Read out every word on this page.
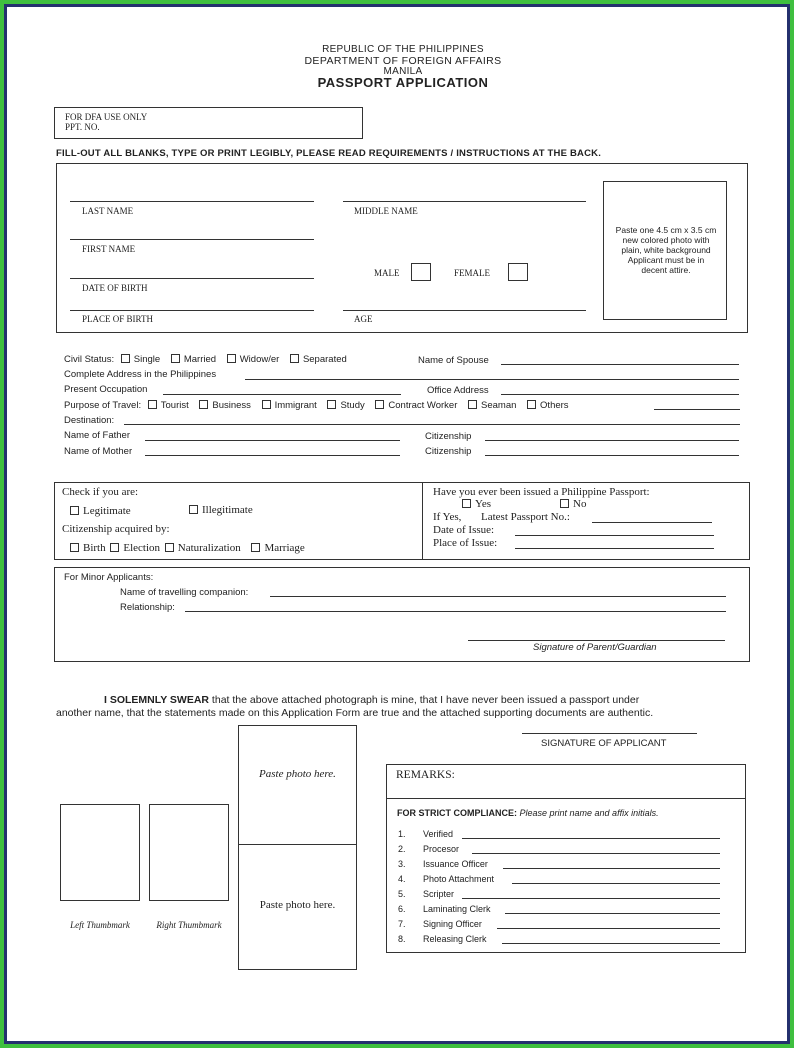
REPUBLIC OF THE PHILIPPINES
DEPARTMENT OF FOREIGN AFFAIRS
MANILA
PASSPORT APPLICATION
FOR DFA USE ONLY
PPT. NO.
FILL-OUT ALL BLANKS, TYPE OR PRINT LEGIBLY, PLEASE READ REQUIREMENTS / INSTRUCTIONS AT THE BACK.
LAST NAME	MIDDLE NAME
FIRST NAME
MALE	FEMALE
DATE OF BIRTH
PLACE OF BIRTH	AGE
Paste one 4.5 cm x 3.5 cm new colored photo with plain, white background Applicant must be in decent attire.
Civil Status: Single Married Widow/er Separated	Name of Spouse
Complete Address in the Philippines
Present Occupation	Office Address
Purpose of Travel: Tourist Business Immigrant Study Contract Worker Seaman Others
Destination:
Name of Father	Citizenship
Name of Mother	Citizenship
Check if you are:
Legitimate	Illegitimate
Citizenship acquired by:
Birth Election Naturalization Marriage
Have you ever been issued a Philippine Passport:
Yes	No
If Yes, Latest Passport No.:
Date of Issue:
Place of Issue:
For Minor Applicants:
Name of travelling companion:
Relationship:
Signature of Parent/Guardian
I SOLEMNLY SWEAR that the above attached photograph is mine, that I have never been issued a passport under
another name, that the statements made on this Application Form are true and the attached supporting documents are authentic.
SIGNATURE OF APPLICANT
Left Thumbmark	Right Thumbmark
Paste photo here.
Paste photo here.
REMARKS:
FOR STRICT COMPLIANCE: Please print name and affix initials.
1. Verified
2. Procesor
3. Issuance Officer
4. Photo Attachment
5. Scripter
6. Laminating Clerk
7. Signing Officer
8. Releasing Clerk
